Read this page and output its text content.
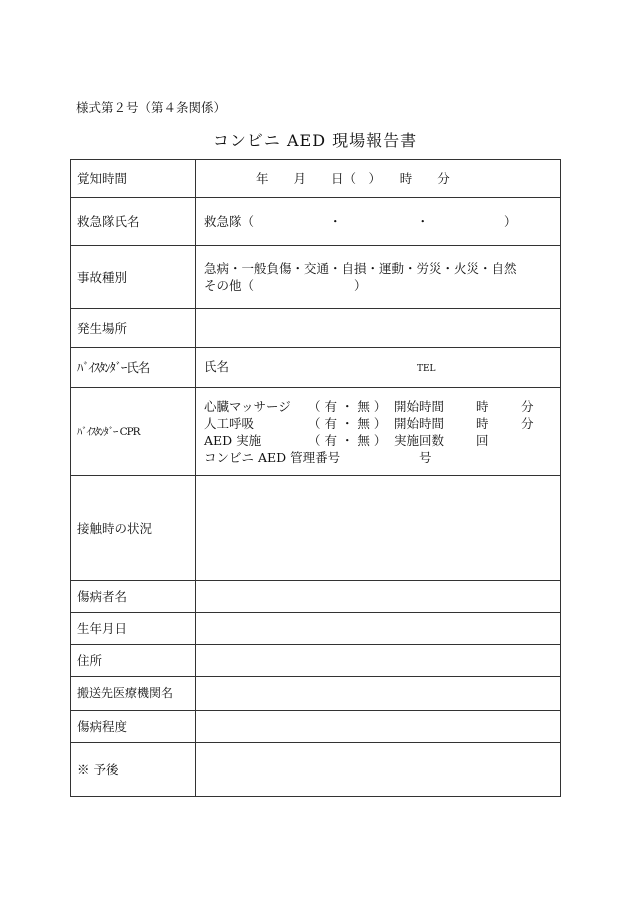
様式第２号（第４条関係）
コンビニ AED 現場報告書
覚知時間	年　　月　　日（　）　　時　　分
救急隊氏名	救急隊（　　　　　　・　　　　　　・　　　　　　）
事故種別	急病・一般負傷・交通・自損・運動・労災・火災・自然
その他（　　　　　　　　）

発生場所	
ﾊﾞｲｽﾀﾝﾀﾞｰ氏名	氏名 TEL
ﾊﾞｲｽﾀﾝﾀﾞｰ CPR	心臓マッサージ （ 有 ・ 無 ） 開始時間 時 分
人工呼吸 （ 有 ・ 無 ） 開始時間 時 分
AED 実施 （ 有 ・ 無 ） 実施回数 回
コンビニ AED 管理番号 号

接触時の状況	
傷病者名	
生年月日	
住所	
搬送先医療機関名	
傷病程度	
※ 予後	
